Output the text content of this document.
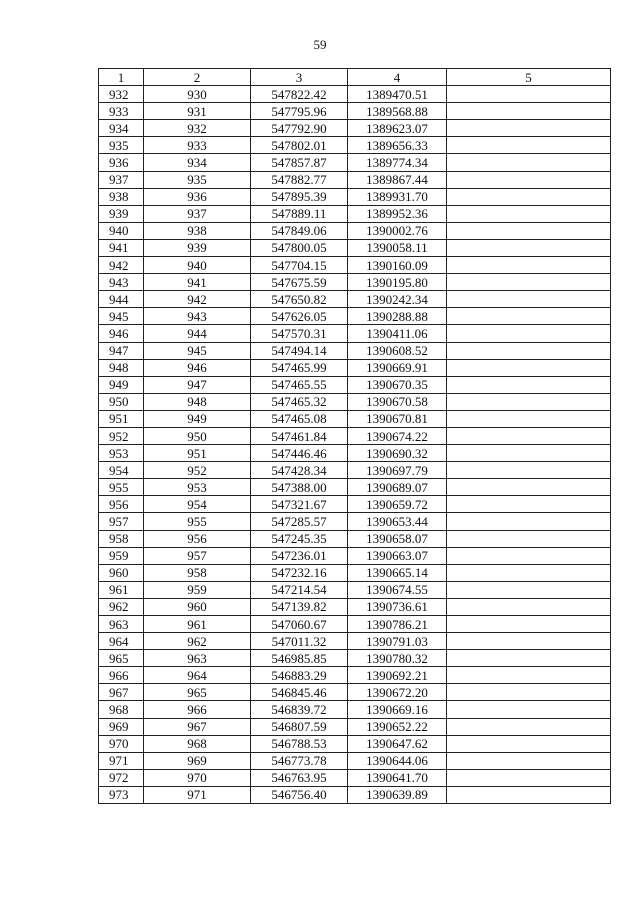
59
1	2	3	4	5
932	930	547822.42	1389470.51	
933	931	547795.96	1389568.88	
934	932	547792.90	1389623.07	
935	933	547802.01	1389656.33	
936	934	547857.87	1389774.34	
937	935	547882.77	1389867.44	
938	936	547895.39	1389931.70	
939	937	547889.11	1389952.36	
940	938	547849.06	1390002.76	
941	939	547800.05	1390058.11	
942	940	547704.15	1390160.09	
943	941	547675.59	1390195.80	
944	942	547650.82	1390242.34	
945	943	547626.05	1390288.88	
946	944	547570.31	1390411.06	
947	945	547494.14	1390608.52	
948	946	547465.99	1390669.91	
949	947	547465.55	1390670.35	
950	948	547465.32	1390670.58	
951	949	547465.08	1390670.81	
952	950	547461.84	1390674.22	
953	951	547446.46	1390690.32	
954	952	547428.34	1390697.79	
955	953	547388.00	1390689.07	
956	954	547321.67	1390659.72	
957	955	547285.57	1390653.44	
958	956	547245.35	1390658.07	
959	957	547236.01	1390663.07	
960	958	547232.16	1390665.14	
961	959	547214.54	1390674.55	
962	960	547139.82	1390736.61	
963	961	547060.67	1390786.21	
964	962	547011.32	1390791.03	
965	963	546985.85	1390780.32	
966	964	546883.29	1390692.21	
967	965	546845.46	1390672.20	
968	966	546839.72	1390669.16	
969	967	546807.59	1390652.22	
970	968	546788.53	1390647.62	
971	969	546773.78	1390644.06	
972	970	546763.95	1390641.70	
973	971	546756.40	1390639.89	
